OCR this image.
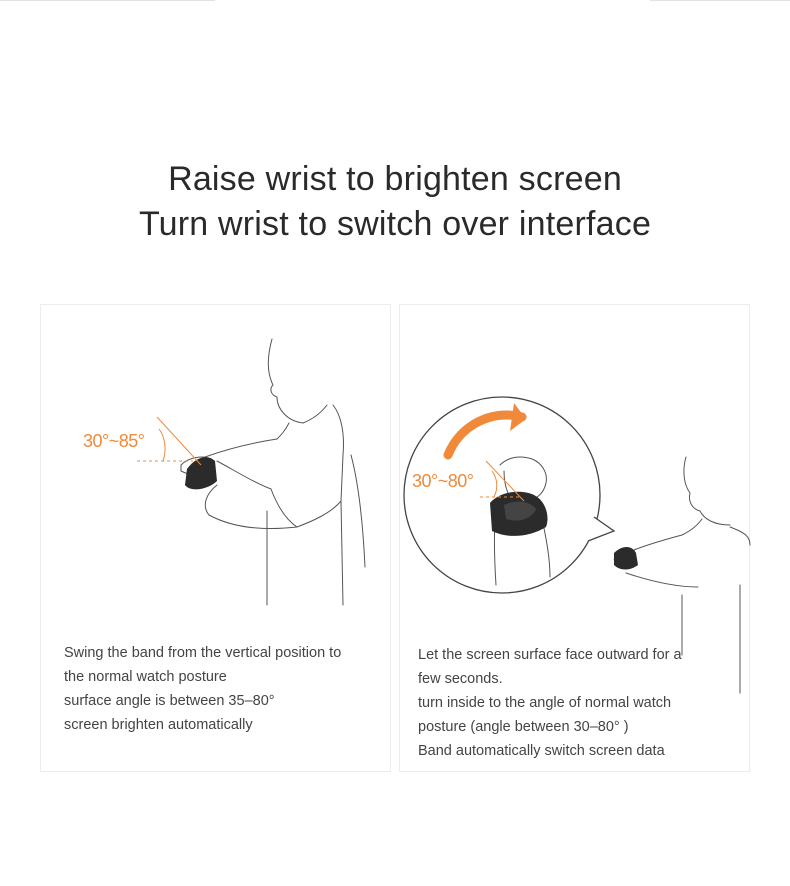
Raise wrist to brighten screen
Turn wrist to switch over interface
30°~85°
Swing the band from the vertical position to
the normal watch posture
surface angle is between 35–80°
screen brighten automatically
30°~80°
Let the screen surface face outward for a
few seconds.
turn inside to the angle of normal watch
posture (angle between 30–80° )
Band automatically switch screen data
